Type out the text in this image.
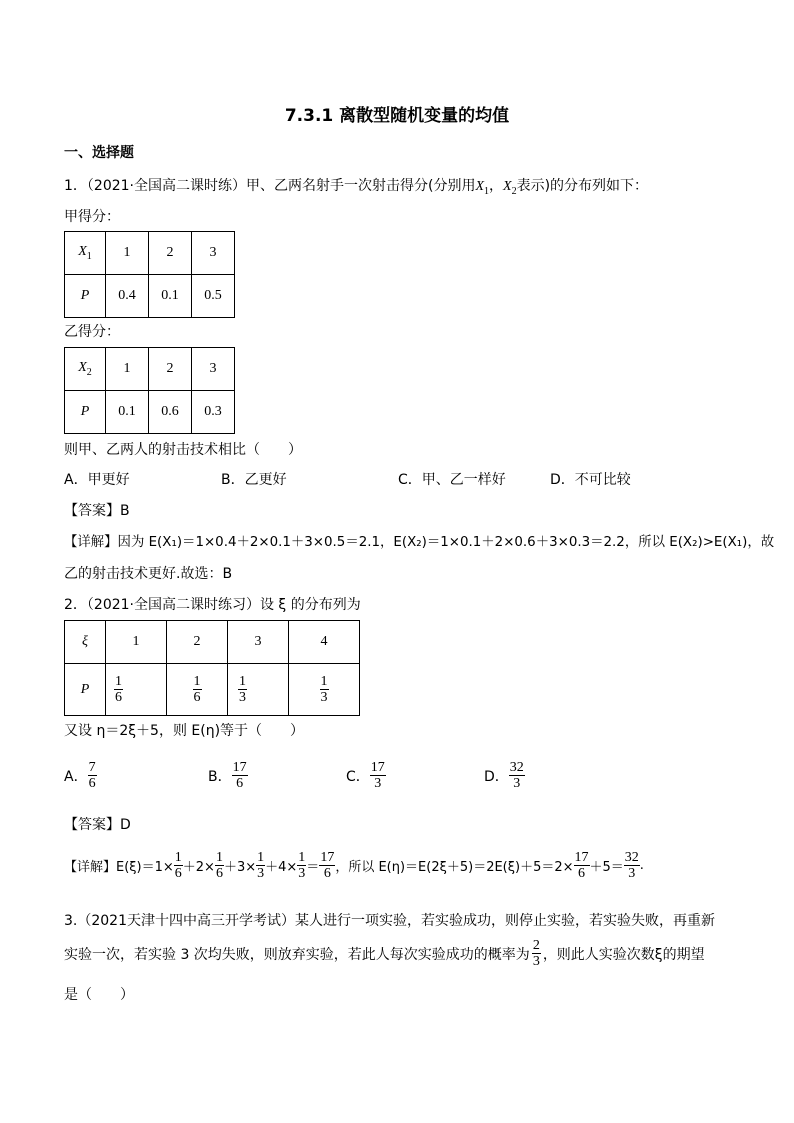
7.3.1 离散型随机变量的均值
一、选择题
1．（2021·全国高二课时练）甲、乙两名射手一次射击得分(分别用$X_1$，$X_2$表示)的分布列如下：
甲得分：
$X_1$	1	2	3
P	0.4	0.1	0.5
乙得分：
$X_2$	1	2	3
P	0.1	0.6	0.3
则甲、乙两人的射击技术相比（　　）
A．甲更好	B．乙更好	C．甲、乙一样好	D．不可比较
【答案】B
【详解】因为 E(X₁)＝1×0.4＋2×0.1＋3×0.5＝2.1，E(X₂)＝1×0.1＋2×0.6＋3×0.3＝2.2，所以 E(X₂)>E(X₁)，故
乙的射击技术更好.故选：B
2．（2021·全国高二课时练习）设 ξ 的分布列为
ξ	1	2	3	4
P	$\frac{1}{6}$	$\frac{1}{6}$	$\frac{1}{3}$	$\frac{1}{3}$
又设 η＝2ξ＋5，则 E(η)等于（　　）
A． $\frac{7}{6}$	B． $\frac{17}{6}$	C． $\frac{17}{3}$	D． $\frac{32}{3}$
【答案】D
【详解】$E(\xi)=1\times \frac{1}{6} +2\times \frac{1}{6} +3\times \frac{1}{3} +4\times \frac{1}{3} = \frac{17}{6}$ ，所以 $E(\eta)=E(2\xi+5)=2E(\xi)+5=2\times \frac{17}{6} +5= \frac{32}{3}$ .
3.（2021天津十四中高三开学考试）某人进行一项实验，若实验成功，则停止实验，若实验失败，再重新
实验一次，若实验 3 次均失败，则放弃实验，若此人每次实验成功的概率为 $\frac{2}{3}$ ，则此人实验次数ξ的期望
是（　　）
